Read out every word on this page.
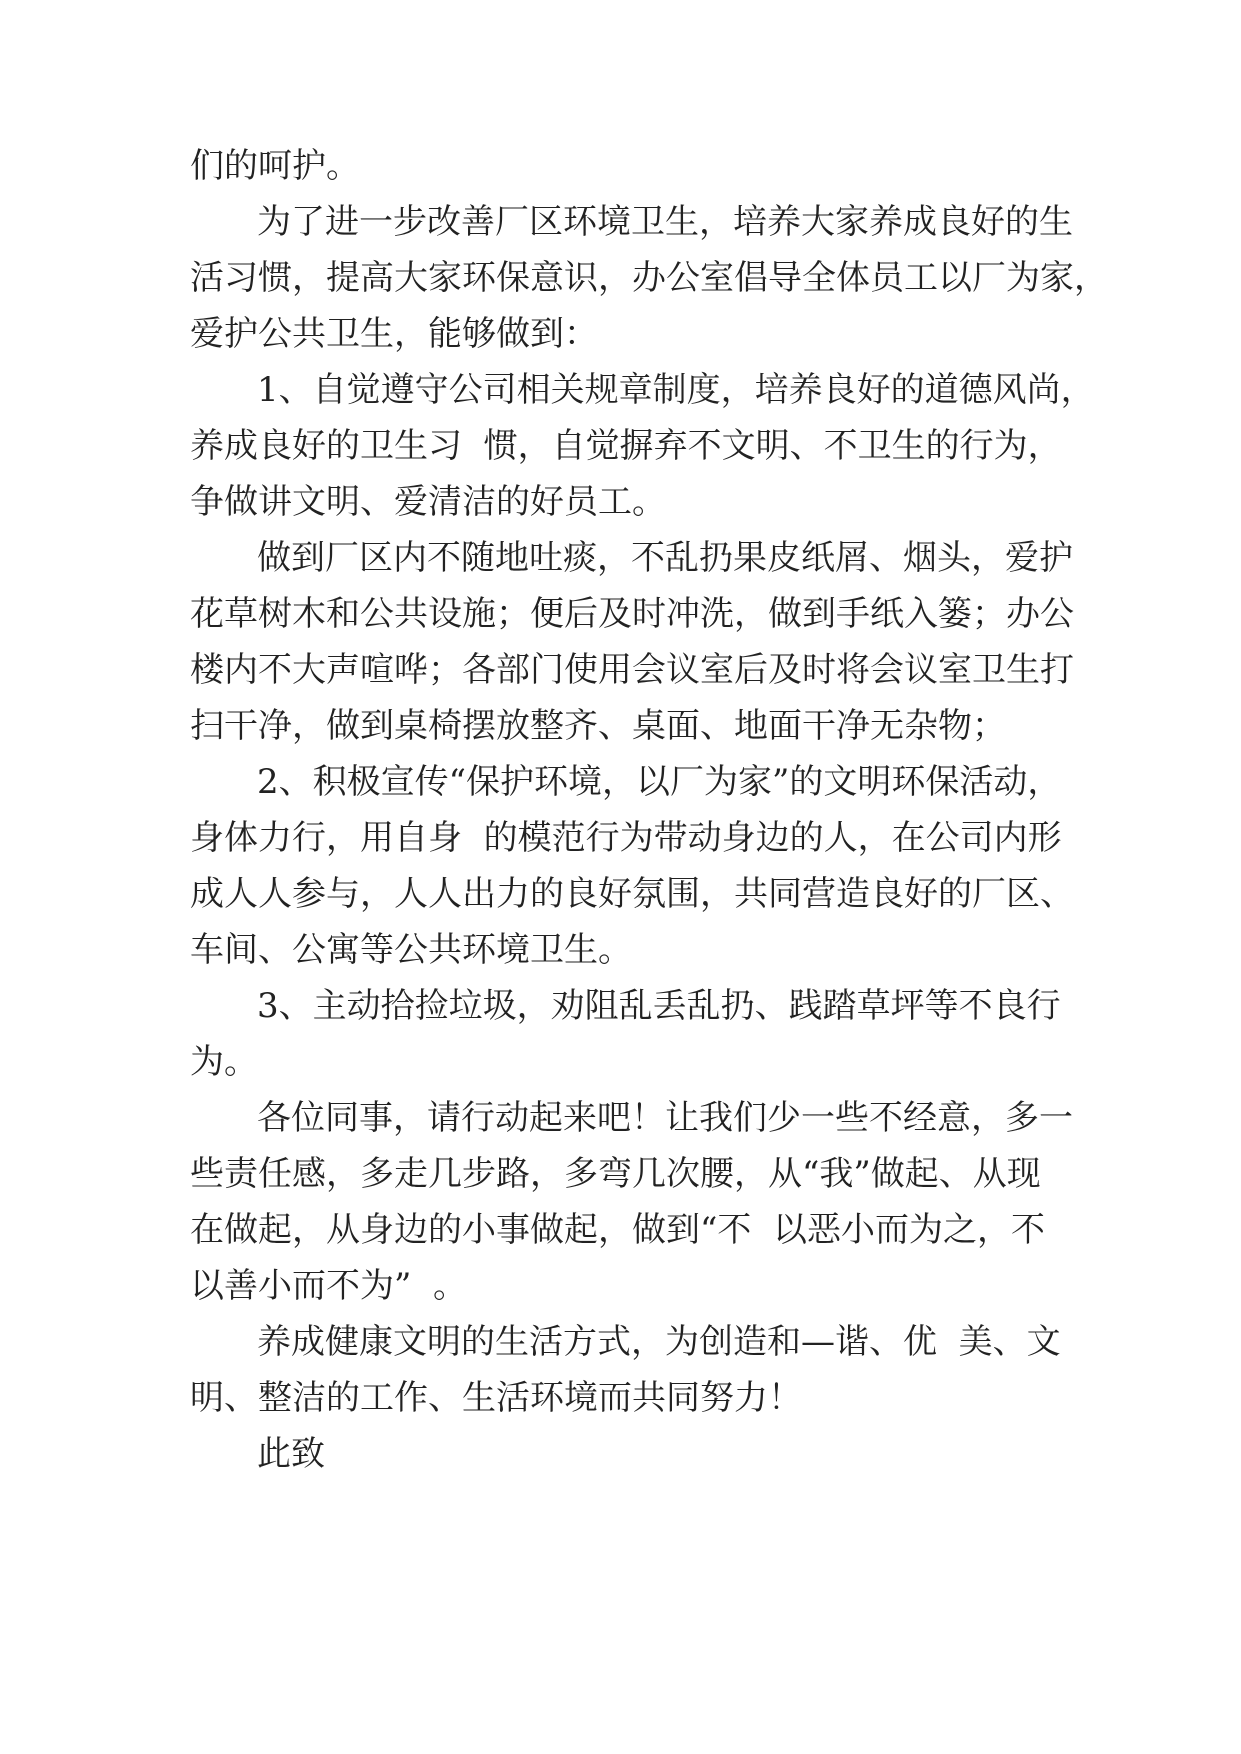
们的呵护。

为了进一步改善厂区环境卫生，培养大家养成良好的生

活习惯，提高大家环保意识，办公室倡导全体员工以厂为家，

爱护公共卫生，能够做到：

1、自觉遵守公司相关规章制度，培养良好的道德风尚，

养成良好的卫生习  惯，自觉摒弃不文明、不卫生的行为，

争做讲文明、爱清洁的好员工。

做到厂区内不随地吐痰，不乱扔果皮纸屑、烟头，爱护

花草树木和公共设施；便后及时冲洗，做到手纸入篓；办公

楼内不大声喧哗；各部门使用会议室后及时将会议室卫生打

扫干净，做到桌椅摆放整齐、桌面、地面干净无杂物；

2、积极宣传“保护环境，以厂为家”的文明环保活动，

身体力行，用自身  的模范行为带动身边的人，在公司内形

成人人参与，人人出力的良好氛围，共同营造良好的厂区、

车间、公寓等公共环境卫生。

3、主动拾捡垃圾，劝阻乱丢乱扔、践踏草坪等不良行

为。

各位同事，请行动起来吧！让我们少一些不经意，多一

些责任感，多走几步路，多弯几次腰，从“我”做起、从现

在做起，从身边的小事做起，做到“不  以恶小而为之，不

以善小而不为”  。

养成健康文明的生活方式，为创造和—谐、优  美、文

明、整洁的工作、生活环境而共同努力！

此致
